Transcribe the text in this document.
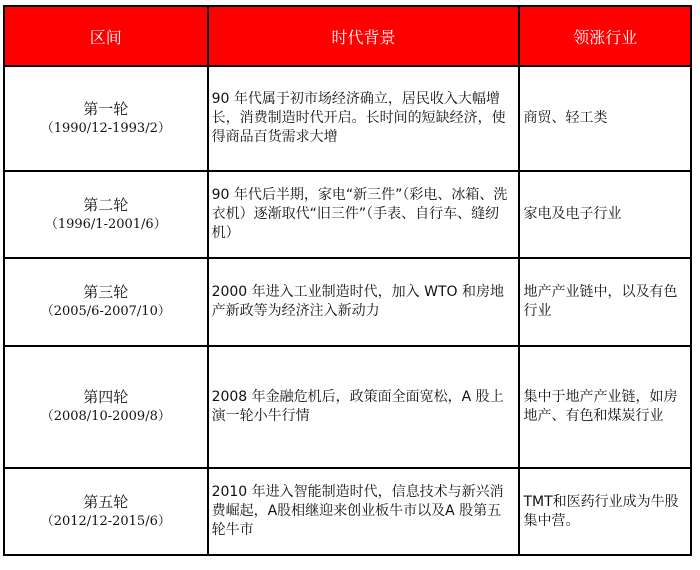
区间	时代背景	领涨行业

第一轮
（1990/12-1993/2）	90 年代属于初市场经济确立，居民收入大幅增长，消费制造时代开启。长时间的短缺经济，使得商品百货需求大增	商贸、轻工类

第二轮
（1996/1-2001/6）	90 年代后半期，家电“新三件”（彩电、冰箱、洗衣机）逐渐取代“旧三件”（手表、自行车、缝纫机）	家电及电子行业

第三轮
（2005/6-2007/10）	2000 年进入工业制造时代，加入 WTO 和房地产新政等为经济注入新动力	地产产业链中，以及有色行业

第四轮
（2008/10-2009/8）	2008 年金融危机后，政策面全面宽松，A 股上演一轮小牛行情	集中于地产产业链，如房地产、有色和煤炭行业

第五轮
（2012/12-2015/6）	2010 年进入智能制造时代，信息技术与新兴消费崛起，A股相继迎来创业板牛市以及A 股第五轮牛市	TMT和医药行业成为牛股集中营。
